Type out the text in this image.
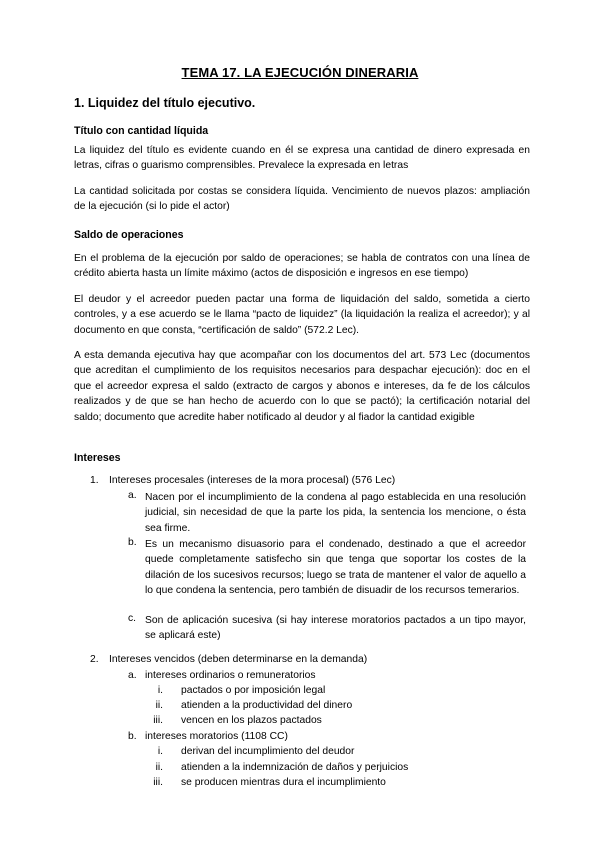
TEMA 17. LA EJECUCIÓN DINERARIA
1. Liquidez del título ejecutivo.
Título con cantidad líquida

La liquidez del título es evidente cuando en él se expresa una cantidad de dinero expresada en letras, cifras o guarismo comprensibles. Prevalece la expresada en letras

La cantidad solicitada por costas se considera líquida. Vencimiento de nuevos plazos: ampliación de la ejecución (si lo pide el actor)

Saldo de operaciones

En el problema de la ejecución por saldo de operaciones; se habla de contratos con una línea de crédito abierta hasta un límite máximo (actos de disposición e ingresos en ese tiempo)

El deudor y el acreedor pueden pactar una forma de liquidación del saldo, sometida a cierto controles, y a ese acuerdo se le llama “pacto de liquidez” (la liquidación la realiza el acreedor); y al documento en que consta, “certificación de saldo” (572.2 Lec).

A esta demanda ejecutiva hay que acompañar con los documentos del art. 573 Lec (documentos que acreditan el cumplimiento de los requisitos necesarios para despachar ejecución): doc en el que el acreedor expresa el saldo (extracto de cargos y abonos e intereses, da fe de los cálculos realizados y de que se han hecho de acuerdo con lo que se pactó); la certificación notarial del saldo; documento que acredite haber notificado al deudor y al fiador la cantidad exigible

Intereses
1. Intereses procesales (intereses de la mora procesal) (576 Lec)
a. Nacen por el incumplimiento de la condena al pago establecida en una resolución judicial, sin necesidad de que la parte los pida, la sentencia los mencione, o ésta sea firme.

b. Es un mecanismo disuasorio para el condenado, destinado a que el acreedor quede completamente satisfecho sin que tenga que soportar los costes de la dilación de los sucesivos recursos; luego se trata de mantener el valor de aquello a lo que condena la sentencia, pero también de disuadir de los recursos temerarios.

c. Son de aplicación sucesiva (si hay interese moratorios pactados a un tipo mayor, se aplicará este)

2. Intereses vencidos (deben determinarse en la demanda)
a. intereses ordinarios o remuneratorios
i. pactados o por imposición legal
ii. atienden a la productividad del dinero
iii. vencen en los plazos pactados
b. intereses moratorios (1108 CC)
i. derivan del incumplimiento del deudor
ii. atienden a la indemnización de daños y perjuicios
iii. se producen mientras dura el incumplimiento
